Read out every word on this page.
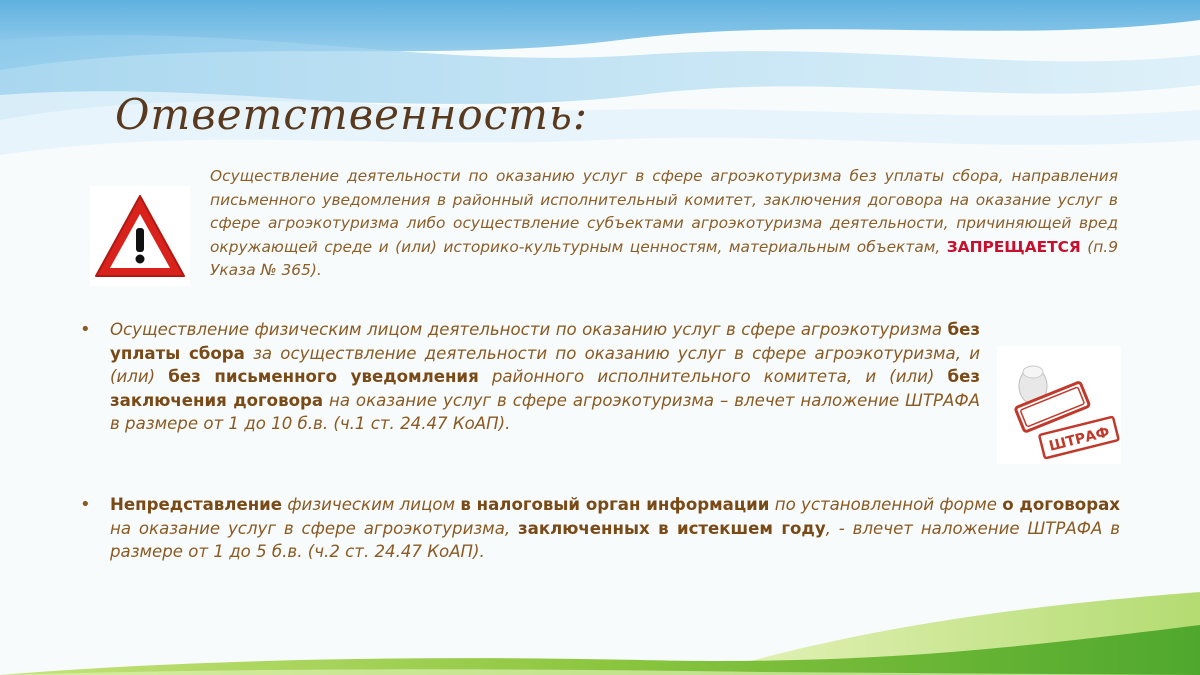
Ответственность:

Осуществление деятельности по оказанию услуг в сфере агроэкотуризма без уплаты сбора, направления письменного уведомления в районный исполнительный комитет, заключения договора на оказание услуг в сфере агроэкотуризма либо осуществление субъектами агроэкотуризма деятельности, причиняющей вред окружающей среде и (или) историко-культурным ценностям, материальным объектам, ЗАПРЕЩАЕТСЯ (п.9 Указа № 365).

•	Осуществление физическим лицом деятельности по оказанию услуг в сфере агроэкотуризма без уплаты сбора за осуществление деятельности по оказанию услуг в сфере агроэкотуризма, и (или) без письменного уведомления районного исполнительного комитета, и (или) без заключения договора на оказание услуг в сфере агроэкотуризма – влечет наложение ШТРАФА в размере от 1 до 10 б.в. (ч.1 ст. 24.47 КоАП).

ШТРАФ
•	Непредставление физическим лицом в налоговый орган информации по установленной форме о договорах на оказание услуг в сфере агроэкотуризма, заключенных в истекшем году, - влечет наложение ШТРАФА в размере от 1 до 5 б.в. (ч.2 ст. 24.47 КоАП).
